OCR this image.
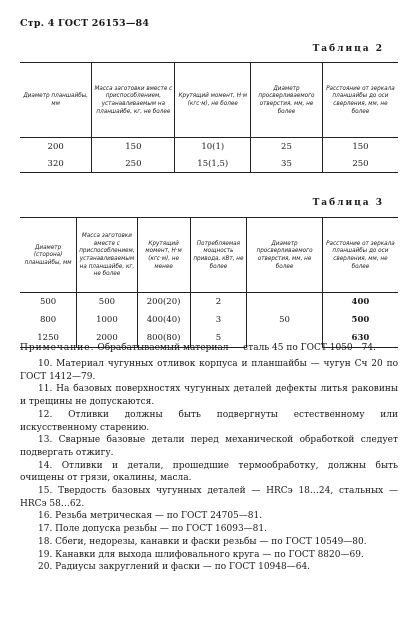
Стр. 4 ГОСТ 26153—84
Таблица 2
Диаметр планшайбы, мм	Масса заготовки вместе с приспособлением, устанавливаемым на планшайбе, кг, не более	Крутящий момент, Н·м (кгс·м), не более	Диаметр просверливаемого отверстия, мм, не более	Расстояние от зеркала планшайбы до оси сверления, мм, не более
200	150	10(1)	25	150
320	250	15(1,5)	35	250
Таблица 3
Диаметр (сторона) планшайбы, мм	Масса заготовки вместе с приспособлением, устанавливаемым на планшайбе, кг, не более	Крутящий момент, Н·м (кгс·м), не менее	Потребляемая мощность привода, кВт, не более	Диаметр просверливаемого отверстия, мм, не более	Расстояние от зеркала планшайбы до оси сверления, мм, не более
500	500	200(20)	2	50	400
800	1000	400(40)	3		500
1250	2000	800(80)	5		630
Примечание. Обрабатываемый материал — сталь 45 по ГОСТ 1050—74.

10. Материал чугунных отливок корпуса и планшайбы — чугун Сч 20 по ГОСТ 1412—79.

11. На базовых поверхностях чугунных деталей дефекты литья раковины и трещины не допускаются.

12. Отливки должны быть подвергнуты естественному или искусственному старению.

13. Сварные базовые детали перед механической обработкой следует подвергать отжигу.

14. Отливки и детали, прошедшие термообработку, должны быть очищены от грязи, окалины, масла.

15. Твердость базовых чугунных деталей — HRCэ 18…24, стальных — HRCэ 58…62.

16. Резьба метрическая — по ГОСТ 24705—81.

17. Поле допуска резьбы — по ГОСТ 16093—81.

18. Сбеги, недорезы, канавки и фаски резьбы — по ГОСТ 10549—80.

19. Канавки для выхода шлифовального круга — по ГОСТ 8820—69.

20. Радиусы закруглений и фаски — по ГОСТ 10948—64.
